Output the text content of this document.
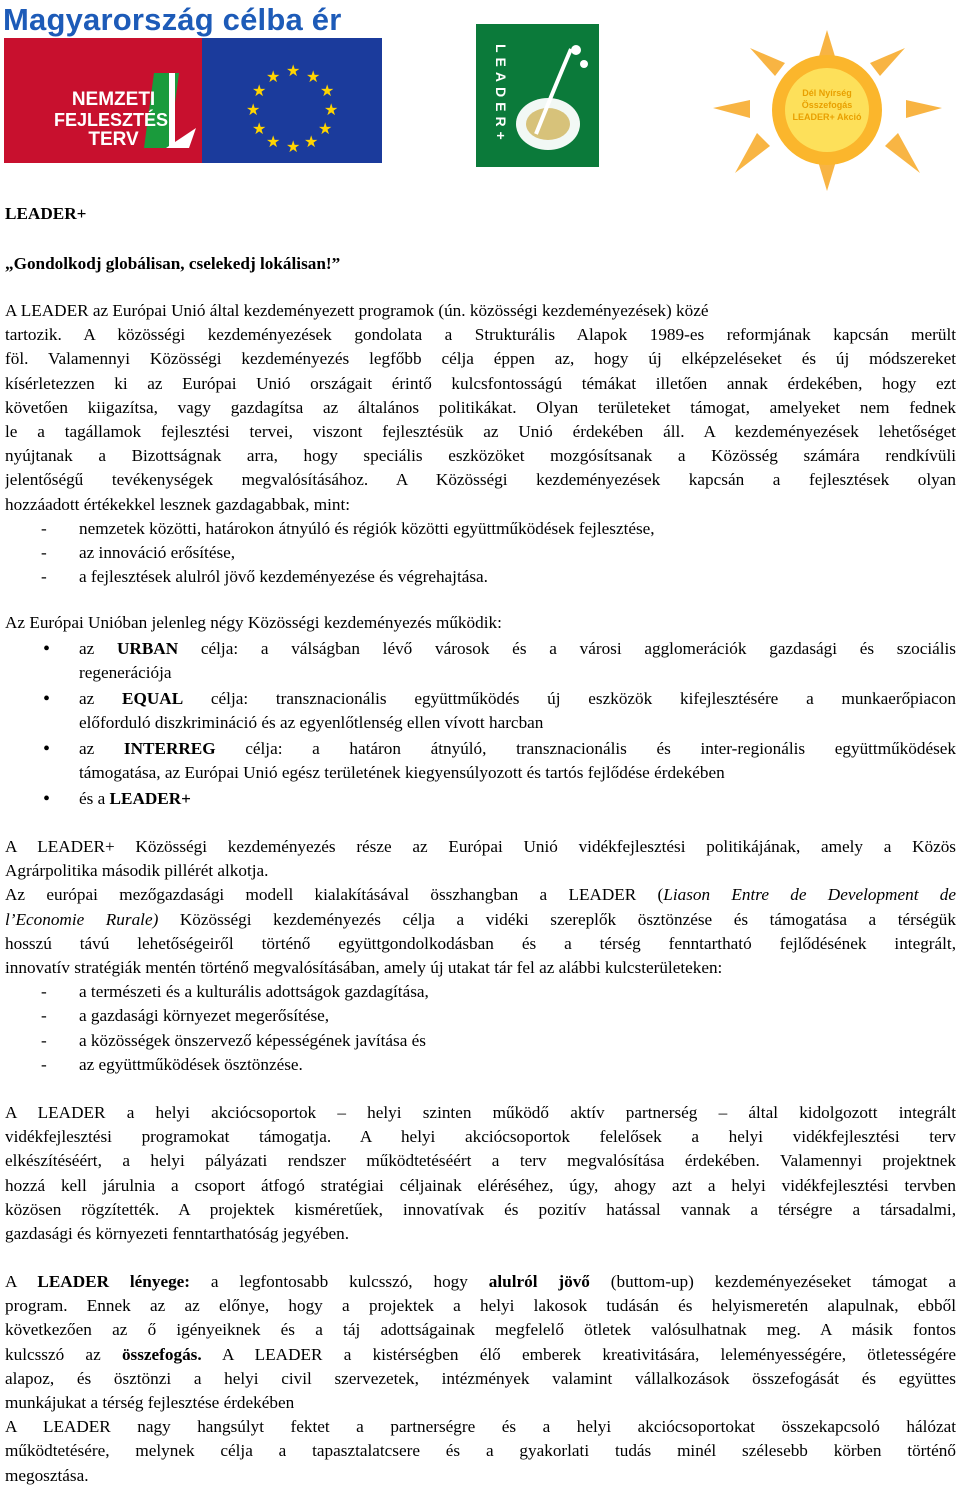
Magyarország célba ér
NEMZETI
FEJLESZTÉSI
TERV
★ ★
★
★
★
★
★
★
★
★
★
★	LEADER+	Dél Nyírség
Összefogás
LEADER+ Akció
LEADER+
„Gondolkodj globálisan, cselekedj lokálisan!”
A LEADER az Európai Unió által kezdeményezett programok (ún. közösségi kezdeményezések) közé
tartozik. A közösségi kezdeményezések gondolata a Strukturális Alapok 1989-es reformjának kapcsán merült
föl. Valamennyi Közösségi kezdeményezés legfőbb célja éppen az, hogy új elképzeléseket és új módszereket
kísérletezzen ki az Európai Unió országait érintő kulcsfontosságú témákat illetően annak érdekében, hogy ezt
követően kiigazítsa, vagy gazdagítsa az általános politikákat. Olyan területeket támogat, amelyeket nem fednek
le a tagállamok fejlesztési tervei, viszont fejlesztésük az Unió érdekében áll. A kezdeményezések lehetőséget
nyújtanak a Bizottságnak arra, hogy speciális eszközöket mozgósítsanak a Közösség számára rendkívüli
jelentőségű tevékenységek megvalósításához. A Közösségi kezdeményezések kapcsán a fejlesztések olyan
hozzáadott értékekkel lesznek gazdagabbak, mint:
-	nemzetek közötti, határokon átnyúló és régiók közötti együttműködések fejlesztése,
-	az innováció erősítése,
-	a fejlesztések alulról jövő kezdeményezése és végrehajtása.
Az Európai Unióban jelenleg négy Közösségi kezdeményezés működik:
• az URBAN célja: a válságban lévő városok és a városi agglomerációk gazdasági és szociális
regenerációja
• az EQUAL célja: transznacionális együttműködés új eszközök kifejlesztésére a munkaerőpiacon
előforduló diszkrimináció és az egyenlőtlenség ellen vívott harcban
• az INTERREG célja: a határon átnyúló, transznacionális és inter-regionális együttműködések
támogatása, az Európai Unió egész területének kiegyensúlyozott és tartós fejlődése érdekében
• és a LEADER+
A LEADER+ Közösségi kezdeményezés része az Európai Unió vidékfejlesztési politikájának, amely a Közös
Agrárpolitika második pillérét alkotja.
Az európai mezőgazdasági modell kialakításával összhangban a LEADER (Liason Entre de Development de
l’Economie Rurale) Közösségi kezdeményezés célja a vidéki szereplők ösztönzése és támogatása a térségük
hosszú távú lehetőségeiről történő együttgondolkodásban és a térség fenntartható fejlődésének integrált,
innovatív stratégiák mentén történő megvalósításában, amely új utakat tár fel az alábbi kulcsterületeken:
-	a természeti és a kulturális adottságok gazdagítása,
-	a gazdasági környezet megerősítése,
-	a közösségek önszervező képességének javítása és
-	az együttműködések ösztönzése.
A LEADER a helyi akciócsoportok – helyi szinten működő aktív partnerség – által kidolgozott integrált
vidékfejlesztési programokat támogatja. A helyi akciócsoportok felelősek a helyi vidékfejlesztési terv
elkészítéséért, a helyi pályázati rendszer működtetéséért a terv megvalósítása érdekében. Valamennyi projektnek
hozzá kell járulnia a csoport átfogó stratégiai céljainak eléréséhez, úgy, ahogy azt a helyi vidékfejlesztési tervben
közösen rögzítették. A projektek kisméretűek, innovatívak és pozitív hatással vannak a térségre a társadalmi,
gazdasági és környezeti fenntarthatóság jegyében.
A LEADER lényege: a legfontosabb kulcsszó, hogy alulról jövő (buttom-up) kezdeményezéseket támogat a
program. Ennek az az előnye, hogy a projektek a helyi lakosok tudásán és helyismeretén alapulnak, ebből
következően az ő igényeiknek és a táj adottságainak megfelelő ötletek valósulhatnak meg. A másik fontos
kulcsszó az összefogás. A LEADER a kistérségben élő emberek kreativitására, leleményességére, ötletességére
alapoz, és ösztönzi a helyi civil szervezetek, intézmények valamint vállalkozások összefogását és együttes
munkájukat a térség fejlesztése érdekében
A LEADER nagy hangsúlyt fektet a partnerségre és a helyi akciócsoportokat összekapcsoló hálózat
működtetésére, melynek célja a tapasztalatcsere és a gyakorlati tudás minél szélesebb körben történő
megosztása.
